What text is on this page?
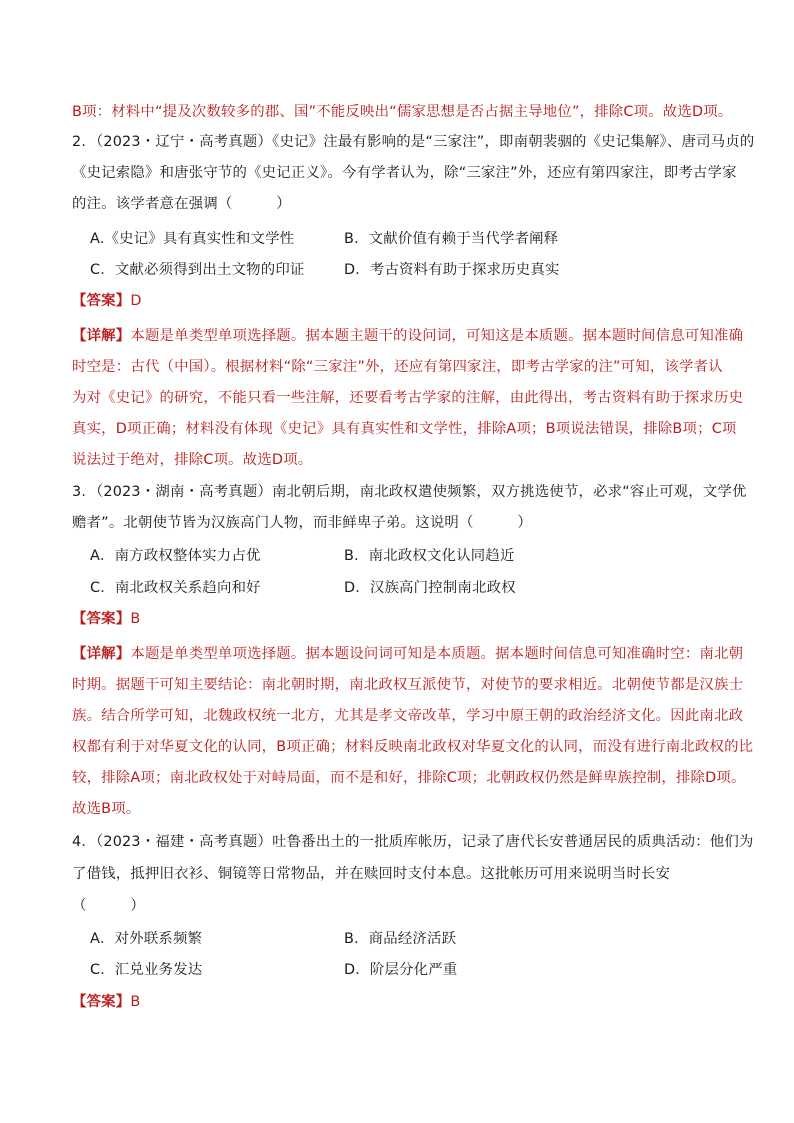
B项：材料中“提及次数较多的郡、国”不能反映出“儒家思想是否占据主导地位”，排除C项。故选D项。
2．（2023・辽宁・高考真题）《史记》注最有影响的是“三家注”，即南朝裴骃的《史记集解》、唐司马贞的
《史记索隐》和唐张守节的《史记正义》。今有学者认为，除“三家注”外，还应有第四家注，即考古学家
的注。该学者意在强调（　　　）
A.《史记》具有真实性和文学性	B．文献价值有赖于当代学者阐释
C．文献必须得到出土文物的印证	D．考古资料有助于探求历史真实
【答案】D
【详解】本题是单类型单项选择题。据本题主题干的设问词，可知这是本质题。据本题时间信息可知准确
时空是：古代（中国）。根据材料“除“三家注”外，还应有第四家注，即考古学家的注”可知，该学者认
为对《史记》的研究，不能只看一些注解，还要看考古学家的注解，由此得出，考古资料有助于探求历史
真实，D项正确；材料没有体现《史记》具有真实性和文学性，排除A项；B项说法错误，排除B项；C项
说法过于绝对，排除C项。故选D项。
3．（2023・湖南・高考真题）南北朝后期，南北政权遣使频繁，双方挑选使节，必求“容止可观，文学优
赡者”。北朝使节皆为汉族高门人物，而非鲜卑子弟。这说明（　　　）
A．南方政权整体实力占优	B．南北政权文化认同趋近
C．南北政权关系趋向和好	D．汉族高门控制南北政权
【答案】B
【详解】本题是单类型单项选择题。据本题设问词可知是本质题。据本题时间信息可知准确时空：南北朝
时期。据题干可知主要结论：南北朝时期，南北政权互派使节，对使节的要求相近。北朝使节都是汉族士
族。结合所学可知，北魏政权统一北方，尤其是孝文帝改革，学习中原王朝的政治经济文化。因此南北政
权都有利于对华夏文化的认同，B项正确；材料反映南北政权对华夏文化的认同，而没有进行南北政权的比
较，排除A项；南北政权处于对峙局面，而不是和好，排除C项；北朝政权仍然是鲜卑族控制，排除D项。
故选B项。
4．（2023・福建・高考真题）吐鲁番出土的一批质库帐历，记录了唐代长安普通居民的质典活动：他们为
了借钱，抵押旧衣衫、铜镜等日常物品，并在赎回时支付本息。这批帐历可用来说明当时长安
（　　　）
A．对外联系频繁	B．商品经济活跃
C．汇兑业务发达	D．阶层分化严重
【答案】B
